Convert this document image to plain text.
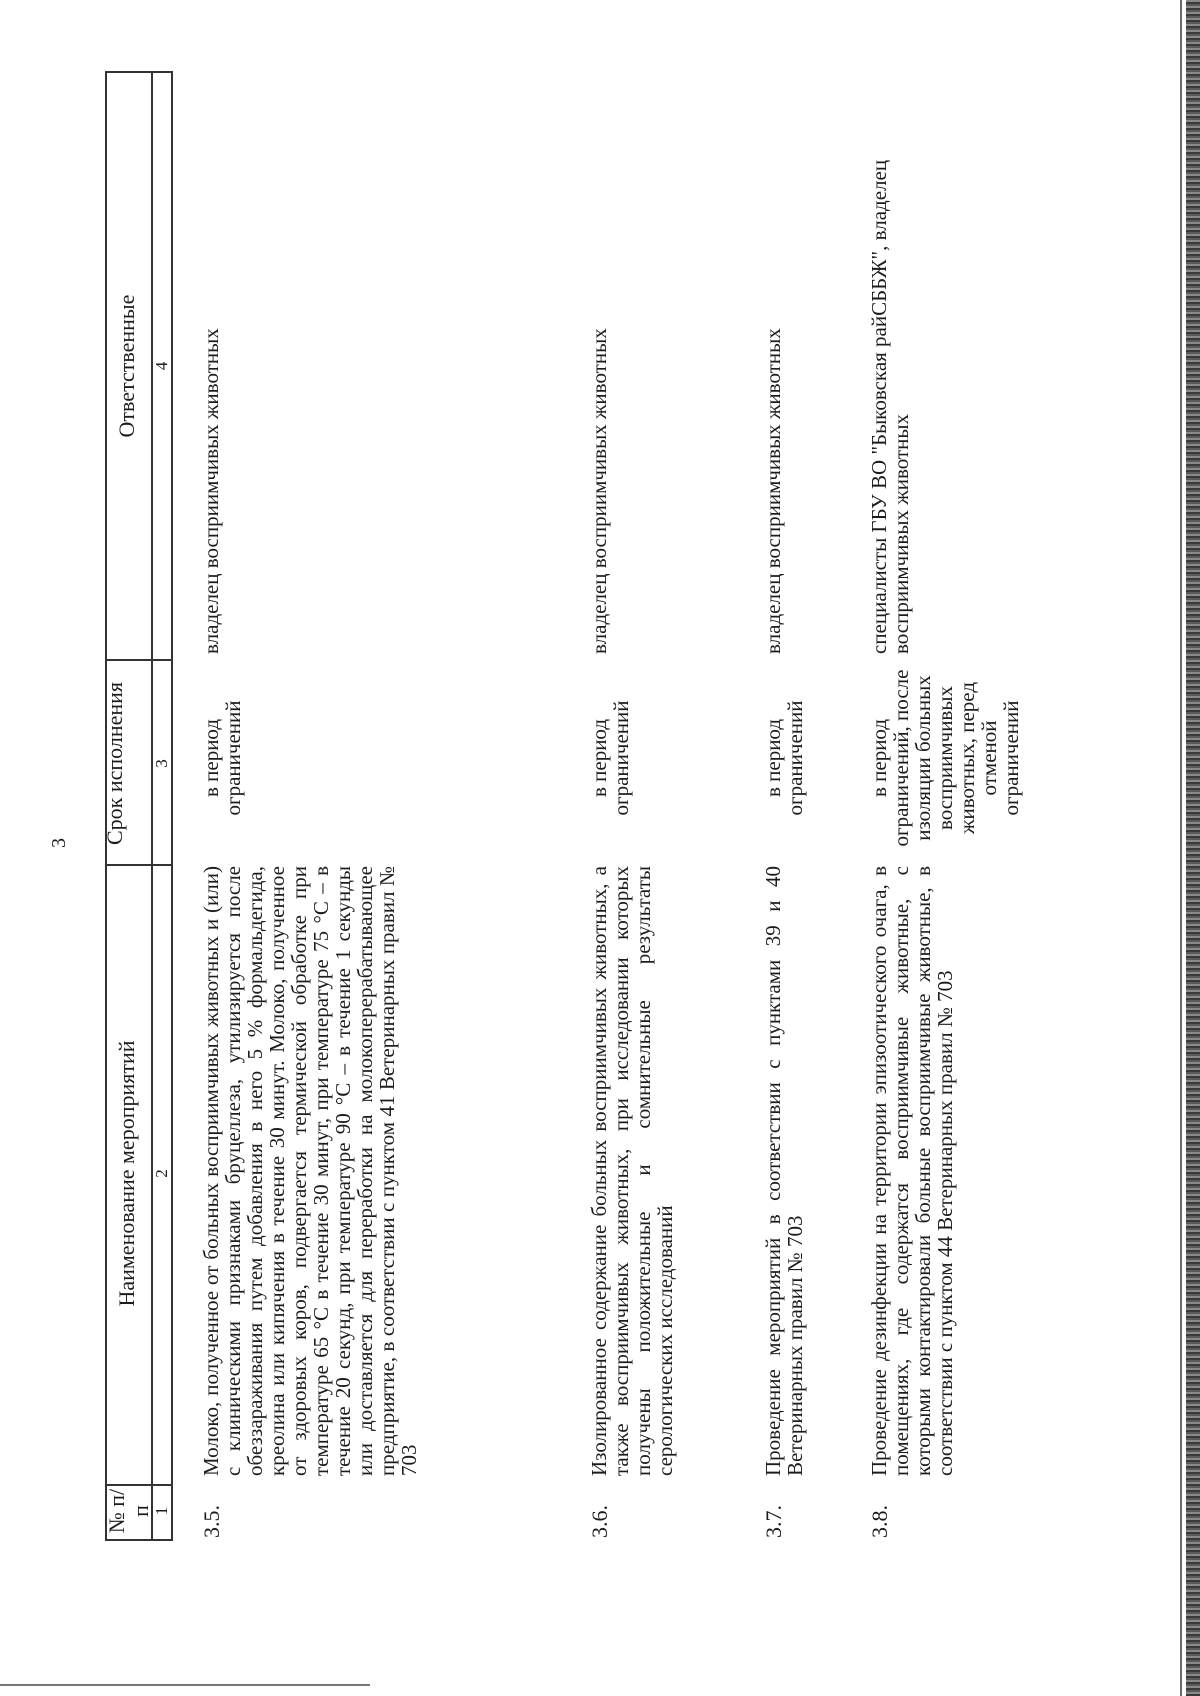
3
№ п/п
Наименование мероприятий
Срок исполнения
Ответственные
1
2
3
4
3.5.
Молоко, полученное от больных восприимчивых животных и (или) с клиническими признаками бруцеллеза, утилизируется после обеззараживания путем добавления в него 5 % формальдегида, креолина или кипячения в течение 30 минут. Молоко, полученное от здоровых коров, подвергается термической обработке при температуре 65 °С в течение 30 минут, при температуре 75 °С – в течение 20 секунд, при температуре 90 °С – в течение 1 секунды или доставляется для переработки на молокоперерабатывающее предприятие, в соответствии с пунктом 41 Ветеринарных правил № 703
в период ограничений
владелец восприимчивых животных
3.6.
Изолированное содержание больных восприимчивых животных, а также восприимчивых животных, при исследовании которых получены положительные и сомнительные результаты серологических исследований
в период ограничений
владелец восприимчивых животных
3.7.
Проведение мероприятий в соответствии с пунктами 39 и 40 Ветеринарных правил № 703
в период ограничений
владелец восприимчивых животных
3.8.
Проведение дезинфекции на территории эпизоотического очага, в помещениях, где содержатся восприимчивые животные, с которыми контактировали больные восприимчивые животные, в соответствии с пунктом 44 Ветеринарных правил № 703
в период ограничений, после изоляции больных восприимчивых животных, перед отменой ограничений
специалисты ГБУ ВО "Быковская райСББЖ", владелец восприимчивых животных
